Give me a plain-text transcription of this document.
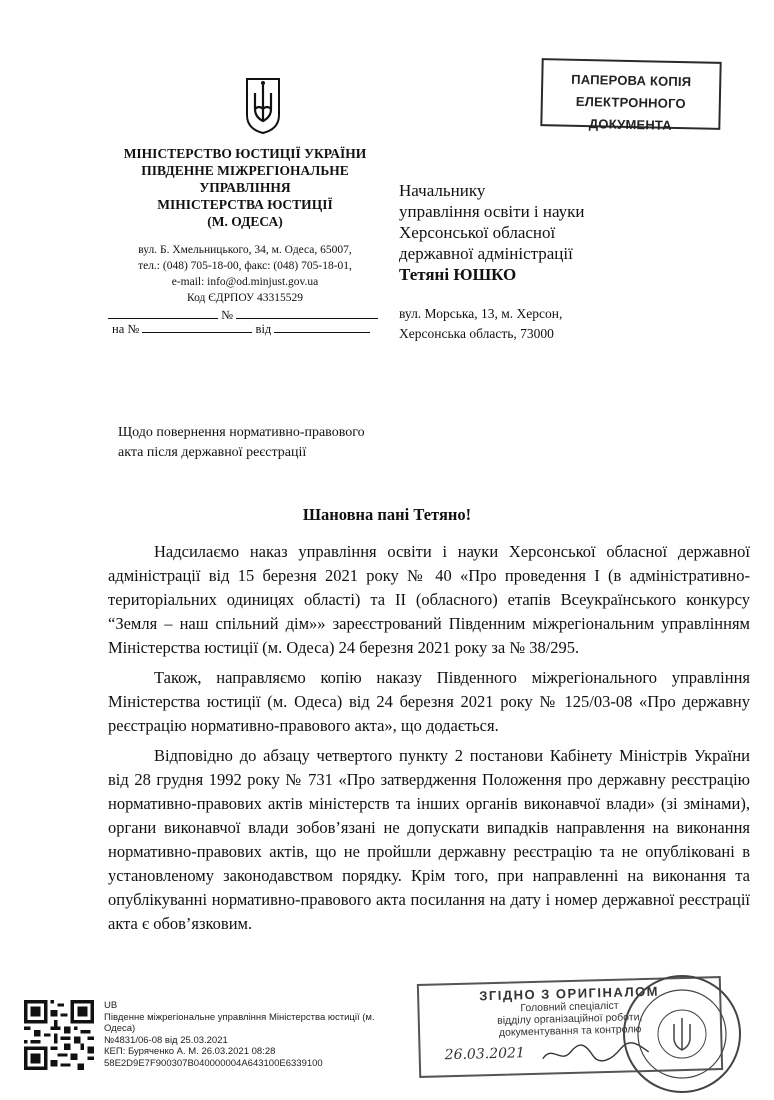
ПАПЕРОВА КОПІЯ
ЕЛЕКТРОННОГО ДОКУМЕНТА
МІНІСТЕРСТВО ЮСТИЦІЇ УКРАЇНИ
ПІВДЕННЕ МІЖРЕГІОНАЛЬНЕ
УПРАВЛІННЯ
МІНІСТЕРСТВА ЮСТИЦІЇ
(М. ОДЕСА)
вул. Б. Хмельницького, 34, м. Одеса, 65007,
тел.: (048) 705-18-00, факс: (048) 705-18-01,
e-mail: info@od.minjust.gov.ua
Код ЄДРПОУ 43315529
№
на №	від
Начальнику
управління освіти і науки
Херсонської обласної
державної адміністрації
Тетяні ЮШКО
вул. Морська, 13, м. Херсон,
Херсонська область, 73000
Щодо повернення нормативно-правового
акта після державної реєстрації
Шановна пані Тетяно!

Надсилаємо наказ управління освіти і науки Херсонської обласної державної адміністрації від 15 березня 2021 року № 40 «Про проведення І (в адміністративно-територіальних одиницях області) та ІІ (обласного) етапів Всеукраїнського конкурсу “Земля – наш спільний дім»» зареєстрований Південним міжрегіональним управлінням Міністерства юстиції (м. Одеса) 24 березня 2021 року за № 38/295.

Також, направляємо копію наказу Південного міжрегіонального управління Міністерства юстиції (м. Одеса) від 24 березня 2021 року № 125/03-08 «Про державну реєстрацію нормативно-правового акта», що додається.

Відповідно до абзацу четвертого пункту 2 постанови Кабінету Міністрів України від 28 грудня 1992 року № 731 «Про затвердження Положення про державну реєстрацію нормативно-правових актів міністерств та інших органів виконавчої влади» (зі змінами), органи виконавчої влади зобов’язані не допускати випадків направлення на виконання нормативно-правових актів, що не пройшли державну реєстрацію та не опубліковані в установленому законодавством порядку. Крім того, при направленні на виконання та опублікуванні нормативно-правового акта посилання на дату і номер державної реєстрації акта є обов’язковим.

UB
Південне міжрегіональне управління Міністерства юстиції (м.
Одеса)
№4831/06-08 від 25.03.2021
КЕП: Буряченко А. М. 26.03.2021 08:28
58E2D9E7F900307B040000004A643100E6339100
ЗГІДНО З ОРИГІНАЛОМ
Головний спеціаліст
відділу організаційної роботи,
документування та контролю
26.03.2021
